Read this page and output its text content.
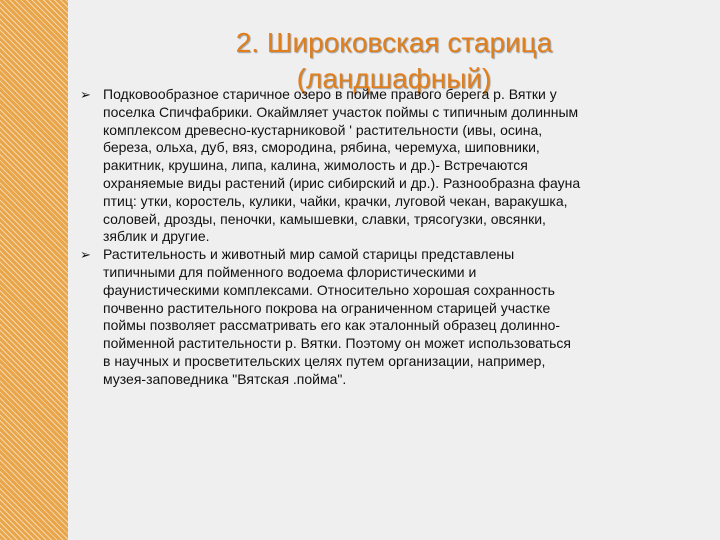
2. Широковская старица
(ландшафный)
➢ Подковообразное старичное озеро в пойме правого берега р. Вятки у
поселка Спичфабрики. Окаймляет участок поймы с типичным долинным
комплексом древесно-кустарниковой ' растительности (ивы, осина,
береза, ольха, дуб, вяз, смородина, рябина, черемуха, шиповники,
ракитник, крушина, липа, калина, жимолость и др.)- Встречаются
охраняемые виды растений (ирис сибирский и др.). Разнообразна фауна
птиц: утки, коростель, кулики, чайки, крачки, луговой чекан, варакушка,
соловей, дрозды, пеночки, камышевки, славки, трясогузки, овсянки,
зяблик и другие.
➢ Растительность и животный мир самой старицы представлены
типичными для пойменного водоема флористическими и
фаунистическими комплексами. Относительно хорошая сохранность
почвенно растительного покрова на ограниченном старицей участке
поймы позволяет рассматривать его как эталонный образец долинно-
пойменной растительности р. Вятки. Поэтому он может использоваться
в научных и просветительских целях путем организации, например,
музея-заповедника "Вятская .пойма".
